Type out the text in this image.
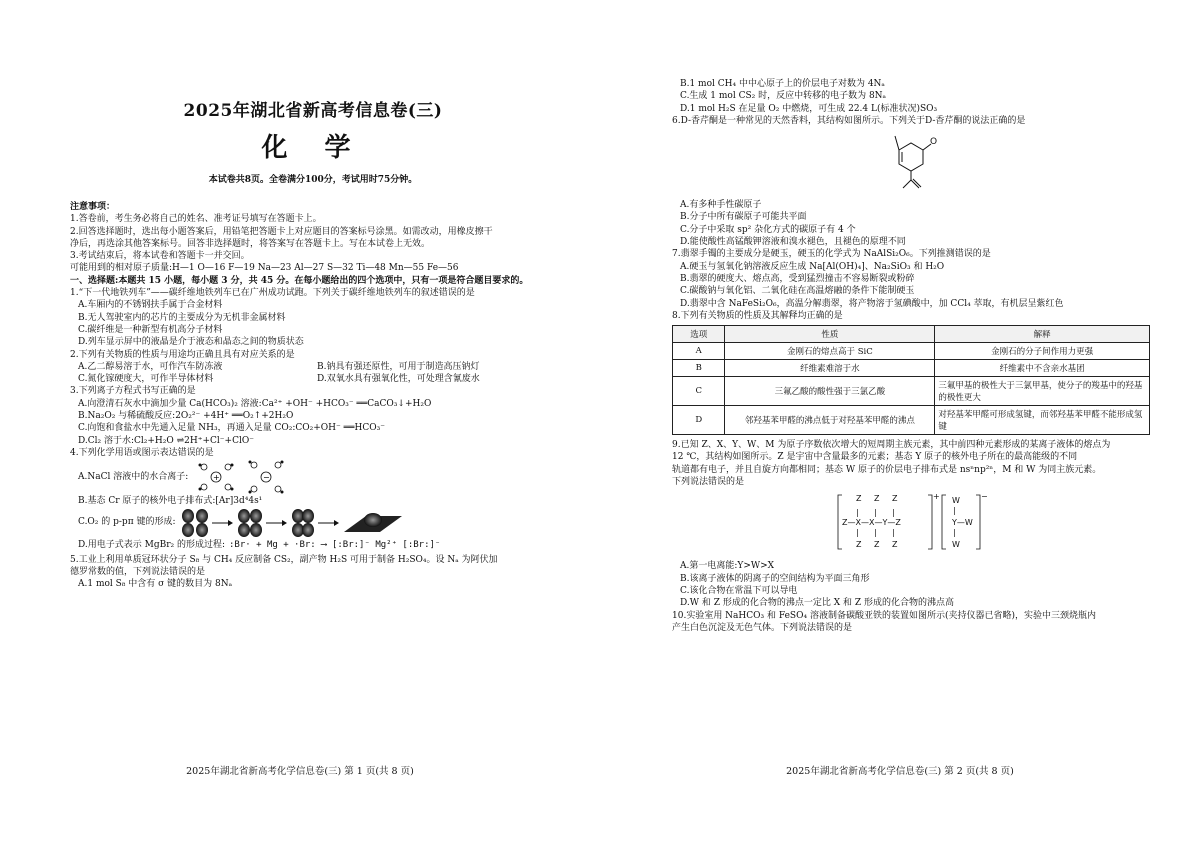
2025年湖北省新高考信息卷(三)
化 学
本试卷共8页。全卷满分100分，考试用时75分钟。
注意事项：
1.答卷前，考生务必将自己的姓名、准考证号填写在答题卡上。
2.回答选择题时，选出每小题答案后，用铅笔把答题卡上对应题目的答案标号涂黑。如需改动，用橡皮擦干
净后，再选涂其他答案标号。回答非选择题时，将答案写在答题卡上。写在本试卷上无效。
3.考试结束后，将本试卷和答题卡一并交回。
可能用到的相对原子质量:H—1 O—16 F—19 Na—23 Al—27 S—32 Ti—48 Mn—55 Fe—56
一、选择题:本题共 15 小题，每小题 3 分，共 45 分。在每小题给出的四个选项中，只有一项是符合题目要求的。
1.“下一代地铁列车”——碳纤维地铁列车已在广州成功试跑。下列关于碳纤维地铁列车的叙述错误的是
A.车厢内的不锈钢扶手属于合金材料
B.无人驾驶室内的芯片的主要成分为无机非金属材料
C.碳纤维是一种新型有机高分子材料
D.列车显示屏中的液晶是介于液态和晶态之间的物质状态
2.下列有关物质的性质与用途均正确且具有对应关系的是
A.乙二醇易溶于水，可作汽车防冻液	B.钠具有强还原性，可用于制造高压钠灯
C.氮化镓硬度大，可作半导体材料	D.双氧水具有强氧化性，可处理含氰废水
3.下列离子方程式书写正确的是
A.向澄清石灰水中滴加少量 Ca(HCO₃)₂ 溶液:Ca²⁺ +OH⁻ +HCO₃⁻ ══CaCO₃↓+H₂O
B.Na₂O₂ 与稀硫酸反应:2O₂²⁻ +4H⁺ ══O₂↑+2H₂O
C.向饱和食盐水中先通入足量 NH₃，再通入足量 CO₂:CO₂+OH⁻ ══HCO₃⁻
D.Cl₂ 溶于水:Cl₂+H₂O ⇌2H⁺+Cl⁻+ClO⁻
4.下列化学用语或图示表达错误的是
A.NaCl 溶液中的水合离子:	+	−
B.基态 Cr 原子的核外电子排布式:[Ar]3d⁴4s¹
C.O₂ 的 p-pπ 键的形成:
D.用电子式表示 MgBr₂ 的形成过程: :Br· + Mg + ·Br: ⟶ [:Br:]⁻ Mg²⁺ [:Br:]⁻
5.工业上利用单质冠环状分子 S₈ 与 CH₄ 反应制备 CS₂，副产物 H₂S 可用于制备 H₂SO₄。设 Nₐ 为阿伏加
德罗常数的值，下列说法错误的是
A.1 mol S₈ 中含有 σ 键的数目为 8Nₐ
2025年湖北省新高考化学信息卷(三) 第 1 页(共 8 页)
B.1 mol CH₄ 中中心原子上的价层电子对数为 4Nₐ
C.生成 1 mol CS₂ 时，反应中转移的电子数为 8Nₐ
D.1 mol H₂S 在足量 O₂ 中燃烧，可生成 22.4 L(标准状况)SO₃
6.D-香芹酮是一种常见的天然香料，其结构如图所示。下列关于D-香芹酮的说法正确的是
O
A.有多种手性碳原子
B.分子中所有碳原子可能共平面
C.分子中采取 sp² 杂化方式的碳原子有 4 个
D.能使酸性高锰酸钾溶液和溴水褪色，且褪色的原理不同
7.翡翠手镯的主要成分是硬玉，硬玉的化学式为 NaAlSi₂O₆。下列推测错误的是
A.硬玉与氢氧化钠溶液反应生成 Na[Al(OH)₄]、Na₂SiO₃ 和 H₂O
B.翡翠的硬度大、熔点高，受到猛烈撞击不容易断裂或粉碎
C.碳酸钠与氧化铝、二氧化硅在高温熔融的条件下能制硬玉
D.翡翠中含 NaFeSi₂O₆，高温分解翡翠，将产物溶于氢碘酸中，加 CCl₄ 萃取，有机层呈紫红色
8.下列有关物质的性质及其解释均正确的是
选项	性质	解释
A	金刚石的熔点高于 SiC	金刚石的分子间作用力更强
B	纤维素难溶于水	纤维素中不含亲水基团
C	三氟乙酸的酸性强于三氯乙酸	三氟甲基的极性大于三氯甲基，使分子的羧基中的羟基的极性更大
D	邻羟基苯甲醛的沸点低于对羟基苯甲醛的沸点	对羟基苯甲醛可形成氢键，而邻羟基苯甲醛不能形成氢键
9.已知 Z、X、Y、W、M 为原子序数依次增大的短周期主族元素，其中前四种元素形成的某离子液体的熔点为
12 ℃，其结构如图所示。Z 是宇宙中含量最多的元素；基态 Y 原子的核外电子所在的最高能级的不同
轨道都有电子，并且自旋方向都相同；基态 W 原子的价层电子排布式是 nsⁿnp²ⁿ，M 和 W 为同主族元素。
下列说法错误的是
Z Z Z
| | |
Z—X—X—Y—Z
| | |
Z Z Z
+ W
|
Y—W
|
W
−
A.第一电离能:Y>W>X
B.该离子液体的阴离子的空间结构为平面三角形
C.该化合物在常温下可以导电
D.W 和 Z 形成的化合物的沸点一定比 X 和 Z 形成的化合物的沸点高
10.实验室用 NaHCO₃ 和 FeSO₄ 溶液制备碳酸亚铁的装置如图所示(夹持仪器已省略)，实验中三颈烧瓶内
产生白色沉淀及无色气体。下列说法错误的是
2025年湖北省新高考化学信息卷(三) 第 2 页(共 8 页)
